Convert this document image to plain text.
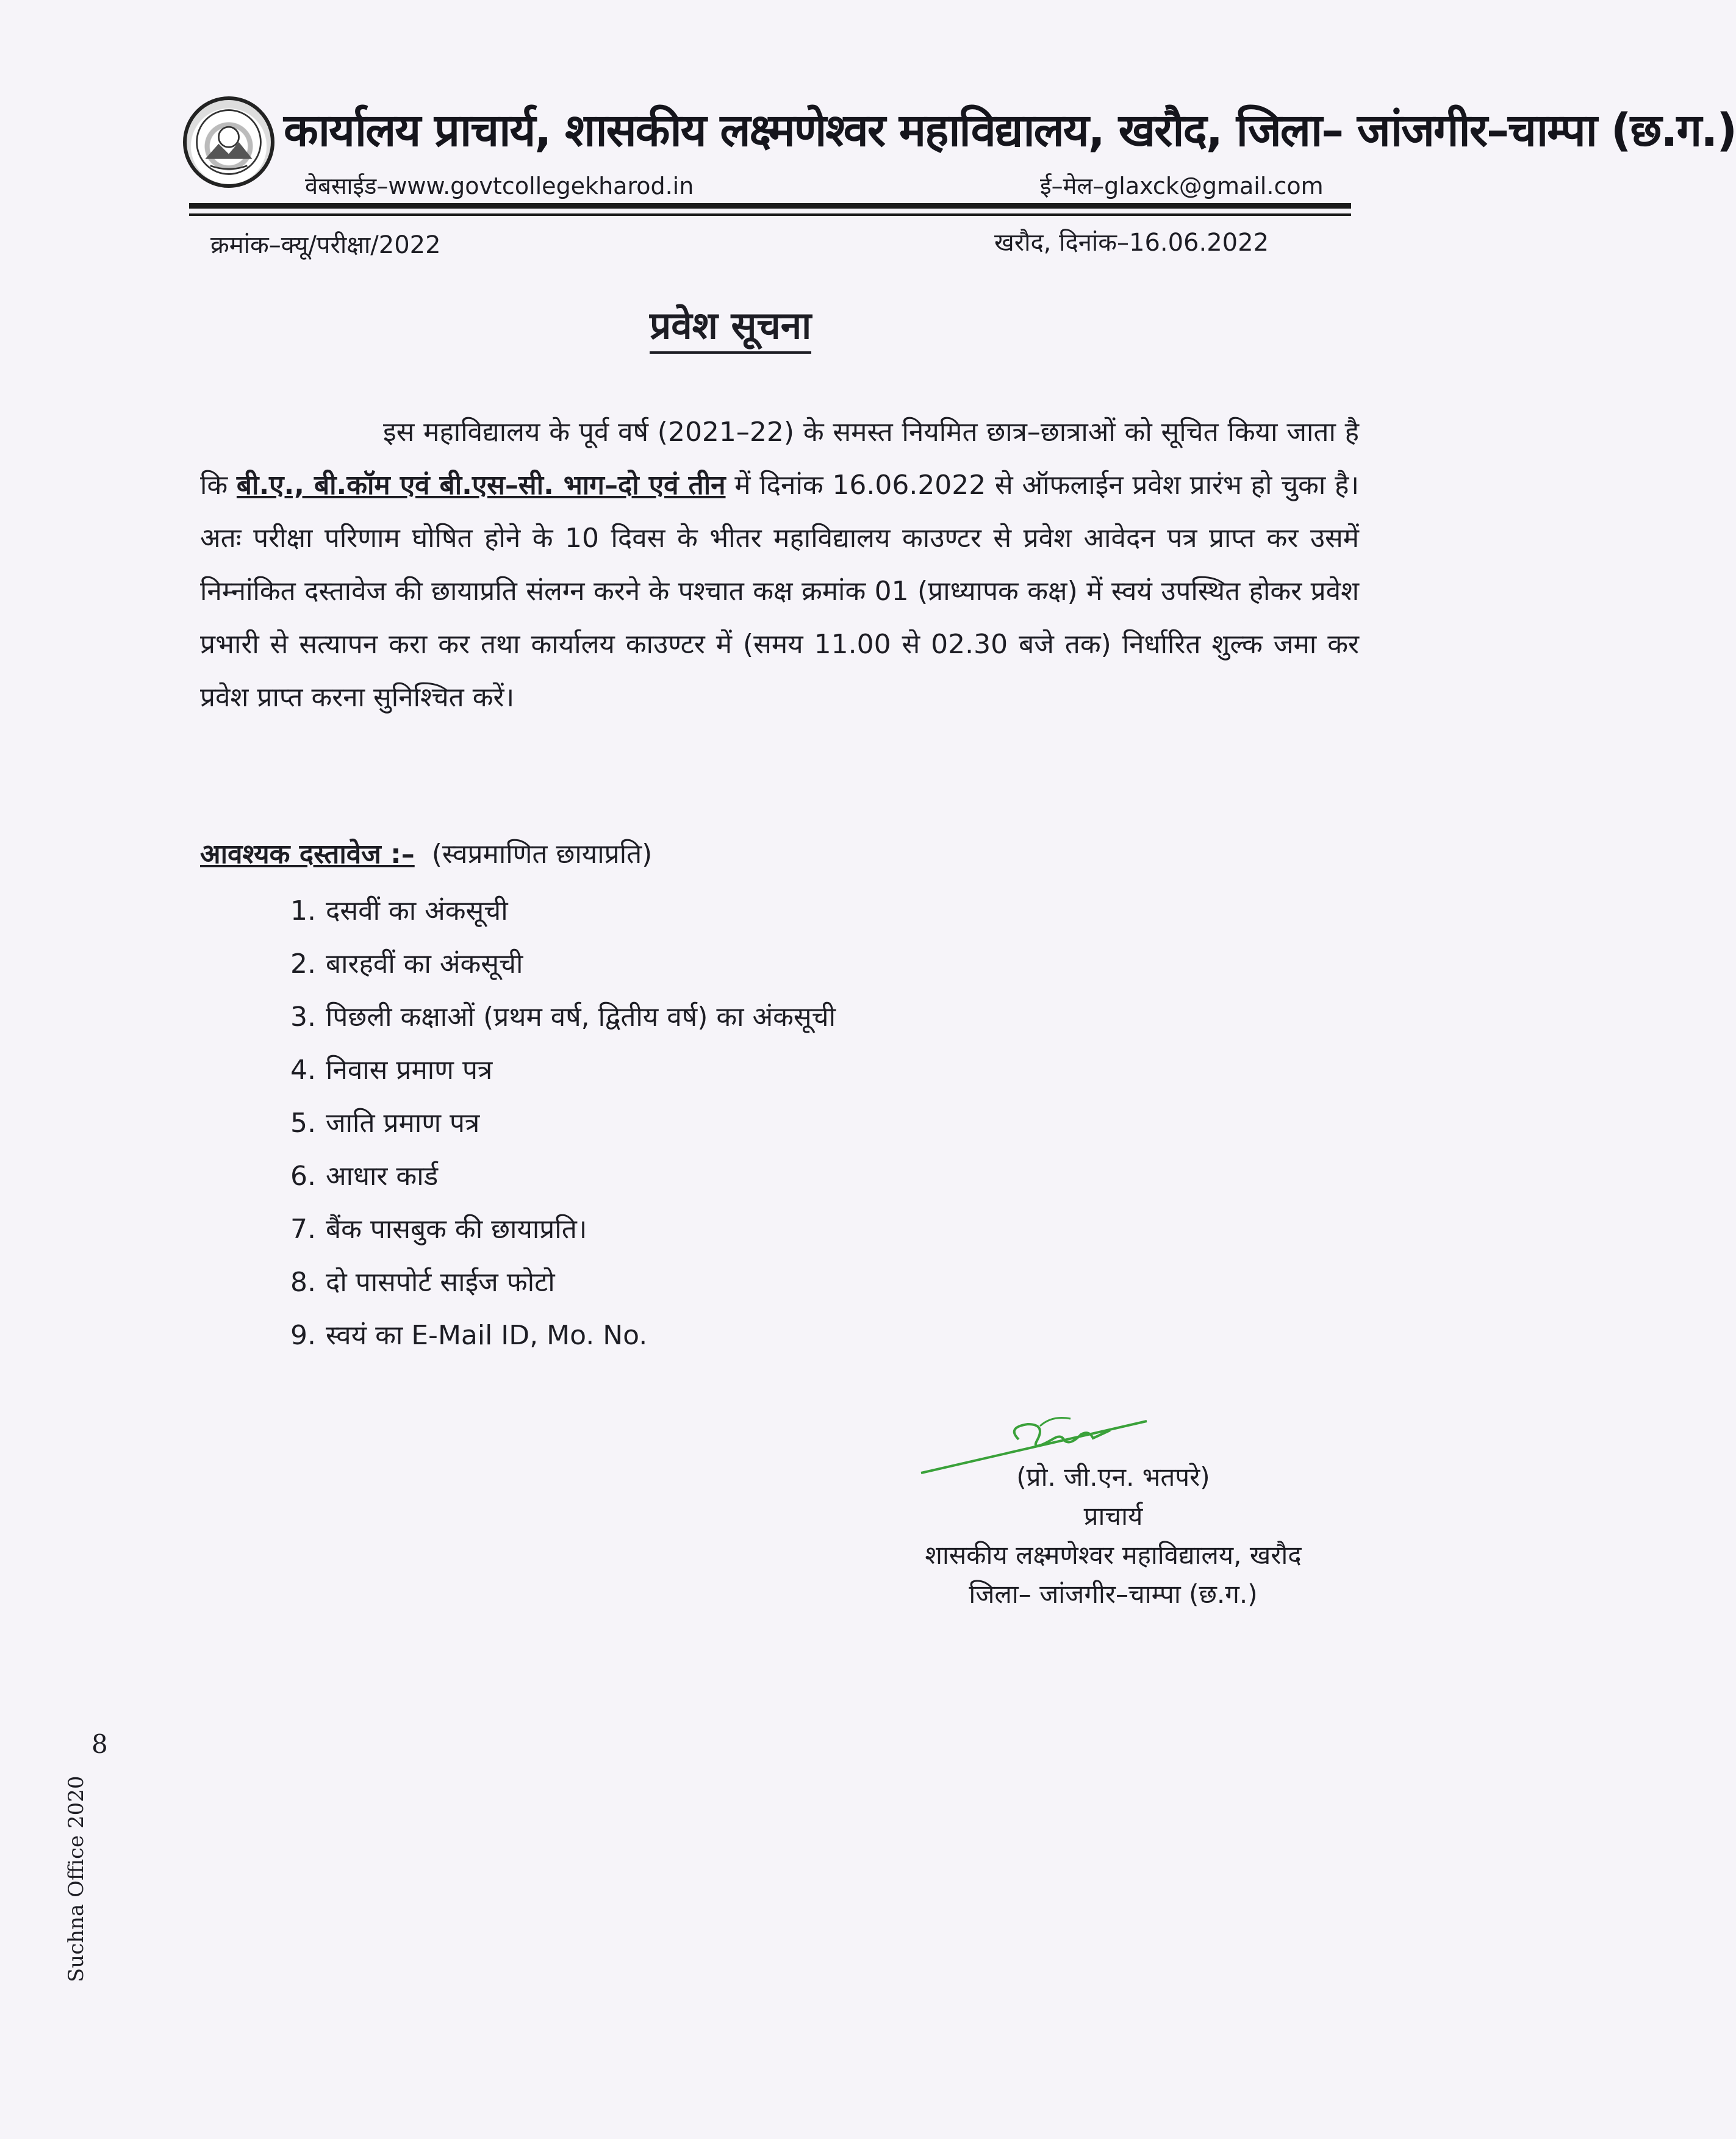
कार्यालय प्राचार्य, शासकीय लक्ष्मणेश्वर महाविद्यालय, खरौद, जिला– जांजगीर–चाम्पा (छ.ग.)
वेबसाईड–www.govtcollegekharod.in	ई–मेल–glaxck@gmail.com
क्रमांक–क्यू/परीक्षा/2022	खरौद, दिनांक–16.06.2022
प्रवेश सूचना
इस महाविद्यालय के पूर्व वर्ष (2021–22) के समस्त नियमित छात्र–छात्राओं को सूचित किया जाता है कि बी.ए., बी.कॉम एवं बी.एस–सी. भाग–दो एवं तीन में दिनांक 16.06.2022 से ऑफलाईन प्रवेश प्रारंभ हो चुका है। अतः परीक्षा परिणाम घोषित होने के 10 दिवस के भीतर महाविद्यालय काउण्टर से प्रवेश आवेदन पत्र प्राप्त कर उसमें निम्नांकित दस्तावेज की छायाप्रति संलग्न करने के पश्चात कक्ष क्रमांक 01 (प्राध्यापक कक्ष) में स्वयं उपस्थित होकर प्रवेश प्रभारी से सत्यापन करा कर तथा कार्यालय काउण्टर में (समय 11.00 से 02.30 बजे तक) निर्धारित शुल्क जमा कर प्रवेश प्राप्त करना सुनिश्चित करें।
आवश्यक दस्तावेज :– (स्वप्रमाणित छायाप्रति)
1. दसवीं का अंकसूची
2. बारहवीं का अंकसूची
3. पिछली कक्षाओं (प्रथम वर्ष, द्वितीय वर्ष) का अंकसूची
4. निवास प्रमाण पत्र
5. जाति प्रमाण पत्र
6. आधार कार्ड
7. बैंक पासबुक की छायाप्रति।
8. दो पासपोर्ट साईज फोटो
9. स्वयं का E-Mail ID, Mo. No.
(प्रो. जी.एन. भतपरे)
प्राचार्य
शासकीय लक्ष्मणेश्वर महाविद्यालय, खरौद
जिला– जांजगीर–चाम्पा (छ.ग.)
8
Suchna Office 2020
